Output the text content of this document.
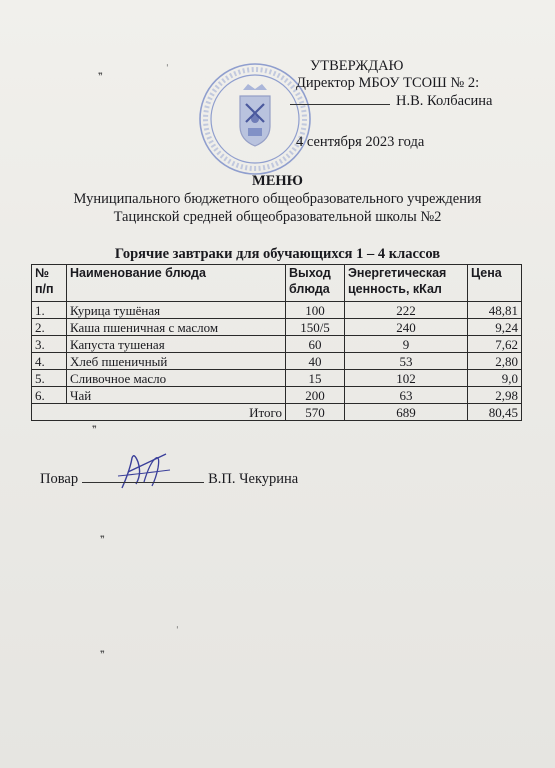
УТВЕРЖДАЮ
Директор МБОУ ТСОШ № 2:
Н.В. Колбасина
4 сентября 2023 года
МЕНЮ
Муниципального бюджетного общеобразовательного учреждения
Тацинской средней общеобразовательной школы №2
Горячие завтраки для обучающихся 1 – 4 классов
№ п/п	Наименование блюда	Выход блюда	Энергетическая ценность, кКал	Цена
1.	Курица тушёная	100	222	48,81
2.	Каша пшеничная с маслом	150/5	240	9,24
3.	Капуста тушеная	60	9	7,62
4.	Хлеб пшеничный	40	53	2,80
5.	Сливочное масло	15	102	9,0
6.	Чай	200	63	2,98
Итого		570	689	80,45
Повар	В.П. Чекурина
❞
ˌ
❞
ˌ
❞
❞
